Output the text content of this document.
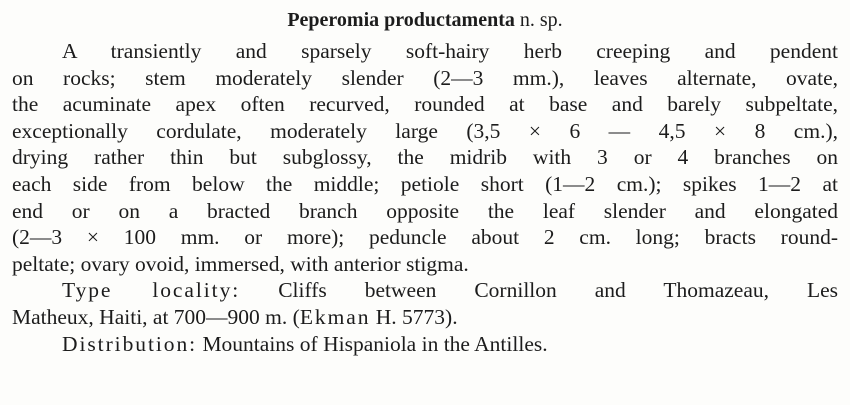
Peperomia productamenta n. sp.
A transiently and sparsely soft-hairy herb creeping and pendent
on rocks; stem moderately slender (2—3 mm.), leaves alternate, ovate,
the acuminate apex often recurved, rounded at base and barely subpeltate,
exceptionally cordulate, moderately large (3,5 × 6 — 4,5 × 8 cm.),
drying rather thin but subglossy, the midrib with 3 or 4 branches on
each side from below the middle; petiole short (1—2 cm.); spikes 1—2 at
end or on a bracted branch opposite the leaf slender and elongated
(2—3 × 100 mm. or more); peduncle about 2 cm. long; bracts round-
peltate; ovary ovoid, immersed, with anterior stigma.
Type locality: Cliffs between Cornillon and Thomazeau, Les
Matheux, Haiti, at 700—900 m. (Ekman H. 5773).
Distribution: Mountains of Hispaniola in the Antilles.
